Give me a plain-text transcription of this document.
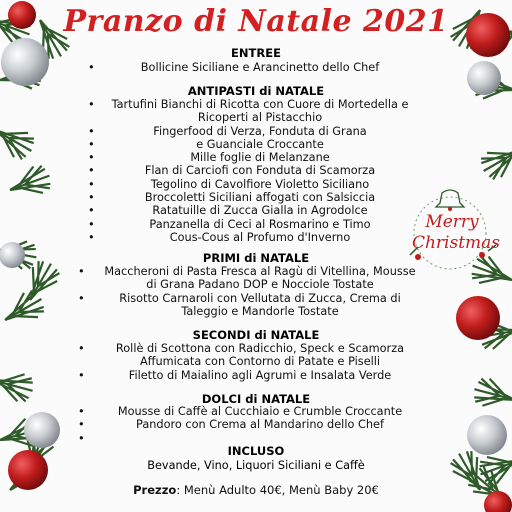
Pranzo di Natale 2021
ENTREE
• Bollicine Siciliane e Arancinetto dello Chef
ANTIPASTI di NATALE
• Tartufini Bianchi di Ricotta con Cuore di Mortedella e
Ricoperti al Pistacchio
• Fingerfood di Verza, Fonduta di Grana
• e Guanciale Croccante
• Mille foglie di Melanzane
• Flan di Carciofi con Fonduta di Scamorza
• Tegolino di Cavolfiore Violetto Siciliano
• Broccoletti Siciliani affogati con Salsiccia
• Ratatuille di Zucca Gialla in Agrodolce
• Panzanella di Ceci al Rosmarino e Timo
• Cous-Cous al Profumo d'Inverno
PRIMI di NATALE
• Maccheroni di Pasta Fresca al Ragù di Vitellina, Mousse
di Grana Padano DOP e Nocciole Tostate
• Risotto Carnaroli con Vellutata di Zucca, Crema di
Taleggio e Mandorle Tostate
SECONDI di NATALE
• Rollè di Scottona con Radicchio, Speck e Scamorza
Affumicata con Contorno di Patate e Piselli
• Filetto di Maialino agli Agrumi e Insalata Verde
DOLCI di NATALE
• Mousse di Caffè al Cucchiaio e Crumble Croccante
• Pandoro con Crema al Mandarino dello Chef
•
INCLUSO
Bevande, Vino, Liquori Siciliani e Caffè
Prezzo: Menù Adulto 40€, Menù Baby 20€
Merry
Christmas
